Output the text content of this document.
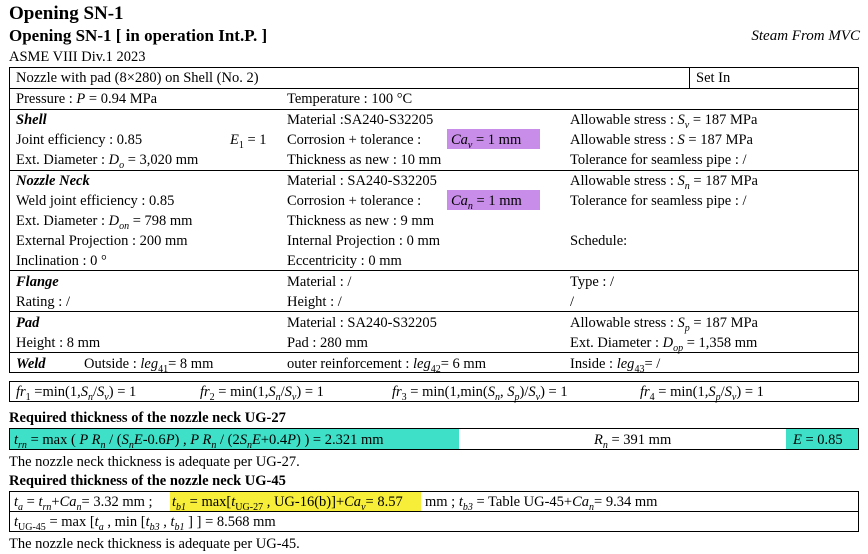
Opening SN-1
Opening SN-1 [ in operation Int.P. ]	Steam From MVC
ASME VIII Div.1 2023
Nozzle with pad (8×280) on Shell (No. 2)	Set In
Pressure : P = 0.94 MPa	Temperature : 100 °C
Shell	Material :SA240-S32205	Allowable stress : $S_v = 187$ MPa
Joint efficiency : 0.85	$E_1 = 1$ Corrosion + tolerance : $Ca_v = 1$ mm	Allowable stress : S = 187 MPa
Ext. Diameter : $D_o = 3,020$ mm	Thickness as new : 10 mm	Tolerance for seamless pipe : /
Nozzle Neck	Material : SA240-S32205	Allowable stress : $S_n = 187$ MPa
Weld joint efficiency : 0.85	Corrosion + tolerance : $Ca_n = 1$ mm	Tolerance for seamless pipe : /
Ext. Diameter : $D_{on} = 798$ mm	Thickness as new : 9 mm
External Projection : 200 mm	Internal Projection : 0 mm	Schedule:
Inclination : 0 °	Eccentricity : 0 mm
Flange	Material : /	Type : /
Rating : /	Height : /	/
Pad	Material : SA240-S32205	Allowable stress : $S_p = 187$ MPa
Height : 8 mm	Pad : 280 mm	Ext. Diameter : $D_{op} = 1,358$ mm
Weld	Outside : leg$_{41}$= 8 mm	outer reinforcement : leg$_{42}$= 6 mm	Inside : leg$_{43}$= /
$fr_1 =\min(1,S_n/S_v) = 1$	$fr_2 = \min(1,S_n/S_v) = 1$	$fr_3 = \min(1,\min(S_n$, $S_p)/S_v) = 1$	$fr_4 = \min(1,S_p/S_v) = 1$
Required thickness of the nozzle neck UG-27
$t_{rn} = \max$ ( P $R_n / (S_nE-0.6P)$ , P $R_n / (2S_nE+0.4P)$ ) = 2.321 mm	$R_n = 391$ mm	E = 0.85
The nozzle neck thickness is adequate per UG-27.
Required thickness of the nozzle neck UG-45
$t_a = t_{rn}+Ca_n= 3.32$ mm ; $t_{b1} = \max[t_{UG-27}$ , $UG-16(b)]+Ca_v= 8.57$ mm ; $t_{b3}$ = Table $UG-45+Ca_n= 9.34$ mm
$t_{UG-45} = \max [t_a$ , $\min [t_{b3}$ , $t_{b1}$ ] ] = 8.568 mm
The nozzle neck thickness is adequate per UG-45.
